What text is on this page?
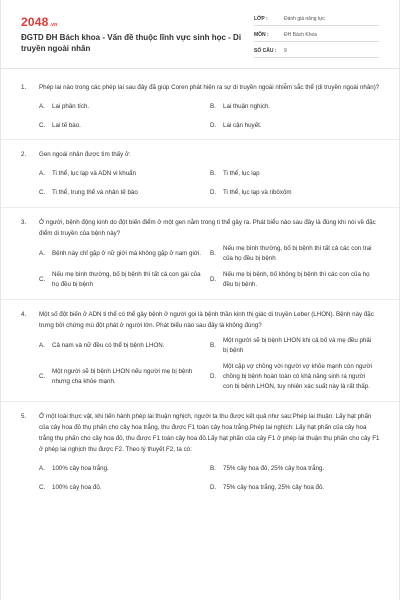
2048.vn
ĐGTD ĐH Bách khoa - Vấn đề thuộc lĩnh vực sinh học - Di truyền ngoài nhân
LỚP :	Đánh giá năng lực
MÔN :	ĐH Bách Khoa
SỐ CÂU :	9
1.	Phép lai nào trong các phép lai sau đây đã giúp Coren phát hiện ra sự di truyền ngoài nhiễm sắc thể (di truyền ngoài nhân)?
A.	Lai phân tích.	B.	Lai thuận nghịch.
C.	Lai tế bào.	D.	Lai cận huyết.
2.	Gen ngoài nhân được tìm thấy ở:
A.	Ti thể, lục lạp và ADN vi khuẩn	B.	Ti thể, lục lạp
C.	Ti thể, trung thể và nhân tế bào	D.	Ti thể, lục lạp và ribôxôm
3.	Ở người, bệnh động kinh do đột biến điểm ở một gen nằm trong ti thể gây ra. Phát biểu nào sau đây là đúng khi nói về đặc điểm di truyền của bệnh này?
A.	Bệnh này chỉ gặp ở nữ giới mà không gặp ở nam giới.	B.
Nếu mẹ bình thường, bố bị bệnh thì tất cả các con trai của họ đều bị bệnh
C.
Nếu mẹ bình thường, bố bị bệnh thì tất cả con gái của họ đều bị bệnh
D.
Nếu mẹ bị bệnh, bố không bị bệnh thì các con của họ đều bị bệnh.
4.	Một số đột biến ở ADN ti thể có thể gây bệnh ở người gọi là bệnh thần kinh thị giác di truyền Leber (LHON). Bệnh này đặc trưng bởi chứng mù đột phát ở người lớn. Phát biểu nào sau đây là không đúng?
A.	Cả nam và nữ đều có thể bị bệnh LHON.	B.
Một người sẽ bị bệnh LHON khi cả bố và mẹ đều phải bị bệnh
C.
Một người sẽ bị bệnh LHON nếu người mẹ bị bệnh nhưng cha khỏe mạnh.
D.
Một cặp vợ chồng với người vợ khỏe mạnh còn người chồng bị bệnh hoàn toàn có khả năng sinh ra người con bị bệnh LHON, tuy nhiên xác suất này là rất thấp.
5.	Ở một loài thực vật, khi tiến hành phép lai thuận nghịch, người ta thu được kết quả như sau:Phép lai thuận: Lấy hạt phấn của cây hoa đỏ thụ phấn cho cây hoa trắng, thu được F1 toàn cây hoa trắng.Phép lai nghịch: Lấy hạt phấn của cây hoa trắng thụ phấn cho cây hoa đỏ, thu được F1 toàn cây hoa đỏ.Lấy hạt phấn của cây F1 ở phép lai thuận thụ phấn cho cây F1 ở phép lai nghịch thu được F2. Theo lý thuyết F2, ta có:
A.	100% cây hoa trắng.	B.	75% cây hoa đỏ, 25% cây hoa trắng.
C.	100% cây hoa đỏ.	D.	75% cây hoa trắng, 25% cây hoa đỏ.
